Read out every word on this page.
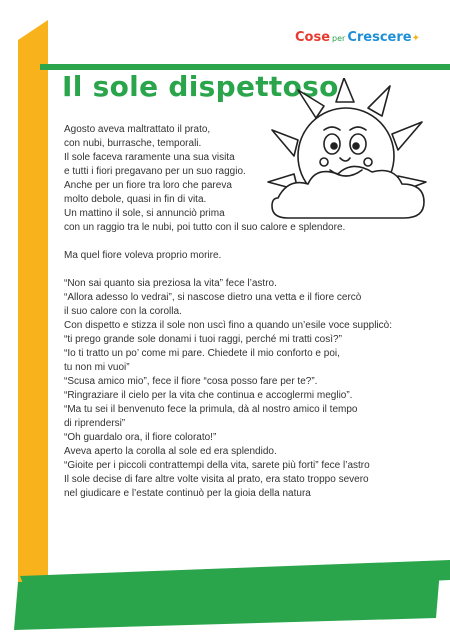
Cose per Crescere✦
Il sole dispettoso
Agosto aveva maltrattato il prato,
con nubi, burrasche, temporali.
Il sole faceva raramente una sua visita
e tutti i fiori pregavano per un suo raggio.
Anche per un fiore tra loro che pareva
molto debole, quasi in fin di vita.
Un mattino il sole, si annunciò prima
con un raggio tra le nubi, poi tutto con il suo calore e splendore.
Ma quel fiore voleva proprio morire.
“Non sai quanto sia preziosa la vita” fece l’astro.
“Allora adesso lo vedrai”, si nascose dietro una vetta e il fiore cercò
il suo calore con la corolla.
Con dispetto e stizza il sole non uscì fino a quando un’esile voce supplicò:
“ti prego grande sole donami i tuoi raggi, perché mi tratti così?”
“Io ti tratto un po’ come mi pare. Chiedete il mio conforto e poi,
tu non mi vuoi”
“Scusa amico mio”, fece il fiore “cosa posso fare per te?”.
“Ringraziare il cielo per la vita che continua e accoglermi meglio”.
“Ma tu sei il benvenuto fece la primula, dà al nostro amico il tempo
di riprendersi”
“Oh guardalo ora, il fiore colorato!”
Aveva aperto la corolla al sole ed era splendido.
“Gioite per i piccoli contrattempi della vita, sarete più forti” fece l’astro
Il sole decise di fare altre volte visita al prato, era stato troppo severo
nel giudicare e l’estate continuò per la gioia della natura
